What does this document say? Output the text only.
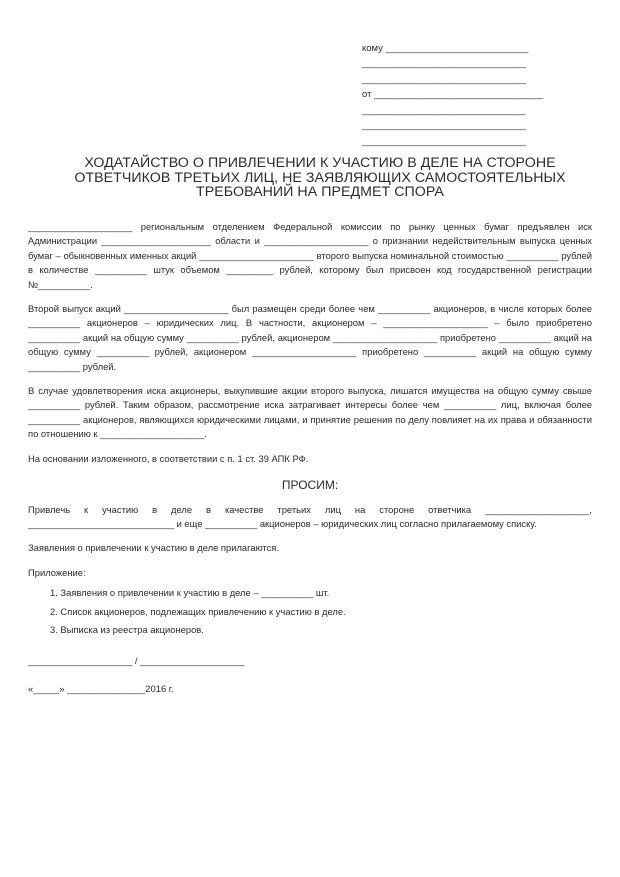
кому ___________________________
_______________________________
_______________________________
от ________________________________
_______________________________
_______________________________
_______________________________
ХОДАТАЙСТВО О ПРИВЛЕЧЕНИИ К УЧАСТИЮ В ДЕЛЕ НА СТОРОНЕ
ОТВЕТЧИКОВ ТРЕТЬИХ ЛИЦ, НЕ ЗАЯВЛЯЮЩИХ САМОСТОЯТЕЛЬНЫХ
ТРЕБОВАНИЙ НА ПРЕДМЕТ СПОРА

____________________ региональным отделением Федеральной комиссии по рынку ценных бумаг предъявлен иск Администрации _____________________ области и ____________________ о признании недействительным выпуска ценных бумаг – обыкновенных именных акций ______________________ второго выпуска номинальной стоимостью __________ рублей в количестве __________ штук объемом _________ рублей, которому был присвоен код государственной регистрации №__________.

Второй выпуск акций ____________________ был размещен среди более чем __________ акционеров, в числе которых более __________ акционеров – юридических лиц. В частности, акционером – ____________________ – было приобретено __________ акций на общую сумму __________ рублей, акционером ____________________ приобретено __________ акций на общую сумму __________ рублей, акционером ____________________ приобретено __________ акций на общую сумму __________ рублей.

В случае удовлетворения иска акционеры, выкупившие акции второго выпуска, лишатся имущества на общую сумму свыше __________ рублей. Таким образом, рассмотрение иска затрагивает интересы более чем __________ лиц, включая более __________ акционеров, являющихся юридическими лицами, и принятие решения по делу повлияет на их права и обязанности по отношению к ____________________.

На основании изложенного, в соответствии с п. 1 ст. 39 АПК РФ.

ПРОСИМ:

Привлечь к участию в деле в качестве третьих лиц на стороне ответчика ____________________, ____________________________ и еще __________ акционеров – юридических лиц согласно прилагаемому списку.

Заявления о привлечении к участию в деле прилагаются.

Приложение:

1. Заявления о привлечении к участию в деле – __________ шт.
2. Список акционеров, подлежащих привлечению к участию в деле.
3. Выписка из реестра акционеров.
____________________ / ____________________
«_____» _______________2016 г.
